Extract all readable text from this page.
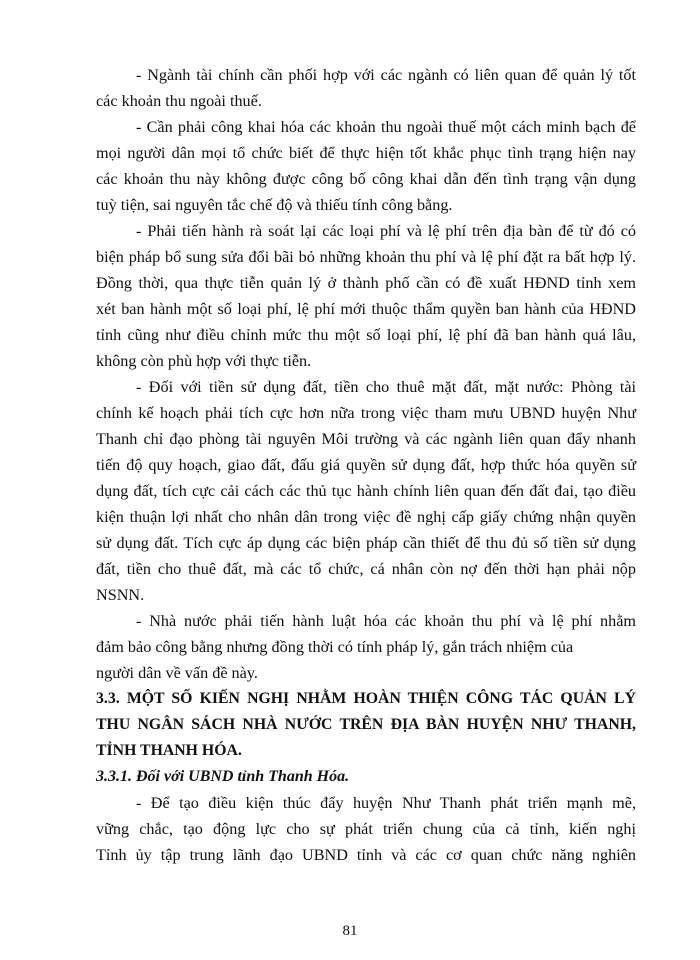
- Ngành tài chính cần phối hợp với các ngành có liên quan để quản lý tốt
các khoản thu ngoài thuế.
- Cần phải công khai hóa các khoản thu ngoài thuế một cách minh bạch để
mọi người dân mọi tổ chức biết để thực hiện tốt khắc phục tình trạng hiện nay
các khoản thu này không được công bố công khai dẫn đến tình trạng vận dụng
tuỳ tiện, sai nguyên tắc chế độ và thiếu tính công bằng.
- Phải tiến hành rà soát lại các loại phí và lệ phí trên địa bàn để từ đó có
biện pháp bổ sung sửa đổi bãi bỏ những khoản thu phí và lệ phí đặt ra bất hợp lý.
Đồng thời, qua thực tiễn quản lý ở thành phố cần có đề xuất HĐND tỉnh xem
xét ban hành một số loại phí, lệ phí mới thuộc thẩm quyền ban hành của HĐND
tỉnh cũng như điều chỉnh mức thu một số loại phí, lệ phí đã ban hành quá lâu,
không còn phù hợp với thực tiễn.
- Đối với tiền sử dụng đất, tiền cho thuê mặt đất, mặt nước: Phòng tài
chính kế hoạch phải tích cực hơn nữa trong việc tham mưu UBND huyện Như
Thanh chỉ đạo phòng tài nguyên Môi trường và các ngành liên quan đẩy nhanh
tiến độ quy hoạch, giao đất, đấu giá quyền sử dụng đất, hợp thức hóa quyền sử
dụng đất, tích cực cải cách các thủ tục hành chính liên quan đến đất đai, tạo điều
kiện thuận lợi nhất cho nhân dân trong việc đề nghị cấp giấy chứng nhận quyền
sử dụng đất. Tích cực áp dụng các biện pháp cần thiết để thu đủ số tiền sử dụng
đất, tiền cho thuê đất, mà các tổ chức, cá nhân còn nợ đến thời hạn phải nộp
NSNN.
- Nhà nước phải tiến hành luật hóa các khoản thu phí và lệ phí nhằm
đảm bảo công bằng nhưng đồng thời có tính pháp lý, gắn trách nhiệm của
người dân về vấn đề này.
3.3. MỘT SỐ KIẾN NGHỊ NHẰM HOÀN THIỆN CÔNG TÁC QUẢN LÝ
THU NGÂN SÁCH NHÀ NƯỚC TRÊN ĐỊA BÀN HUYỆN NHƯ THANH,
TỈNH THANH HÓA.
3.3.1. Đối với UBND tỉnh Thanh Hóa.
- Để tạo điều kiện thúc đẩy huyện Như Thanh phát triển mạnh mẽ,
vững chắc, tạo động lực cho sự phát triển chung của cả tỉnh, kiến nghị
Tỉnh ủy tập trung lãnh đạo UBND tỉnh và các cơ quan chức năng nghiên
81
